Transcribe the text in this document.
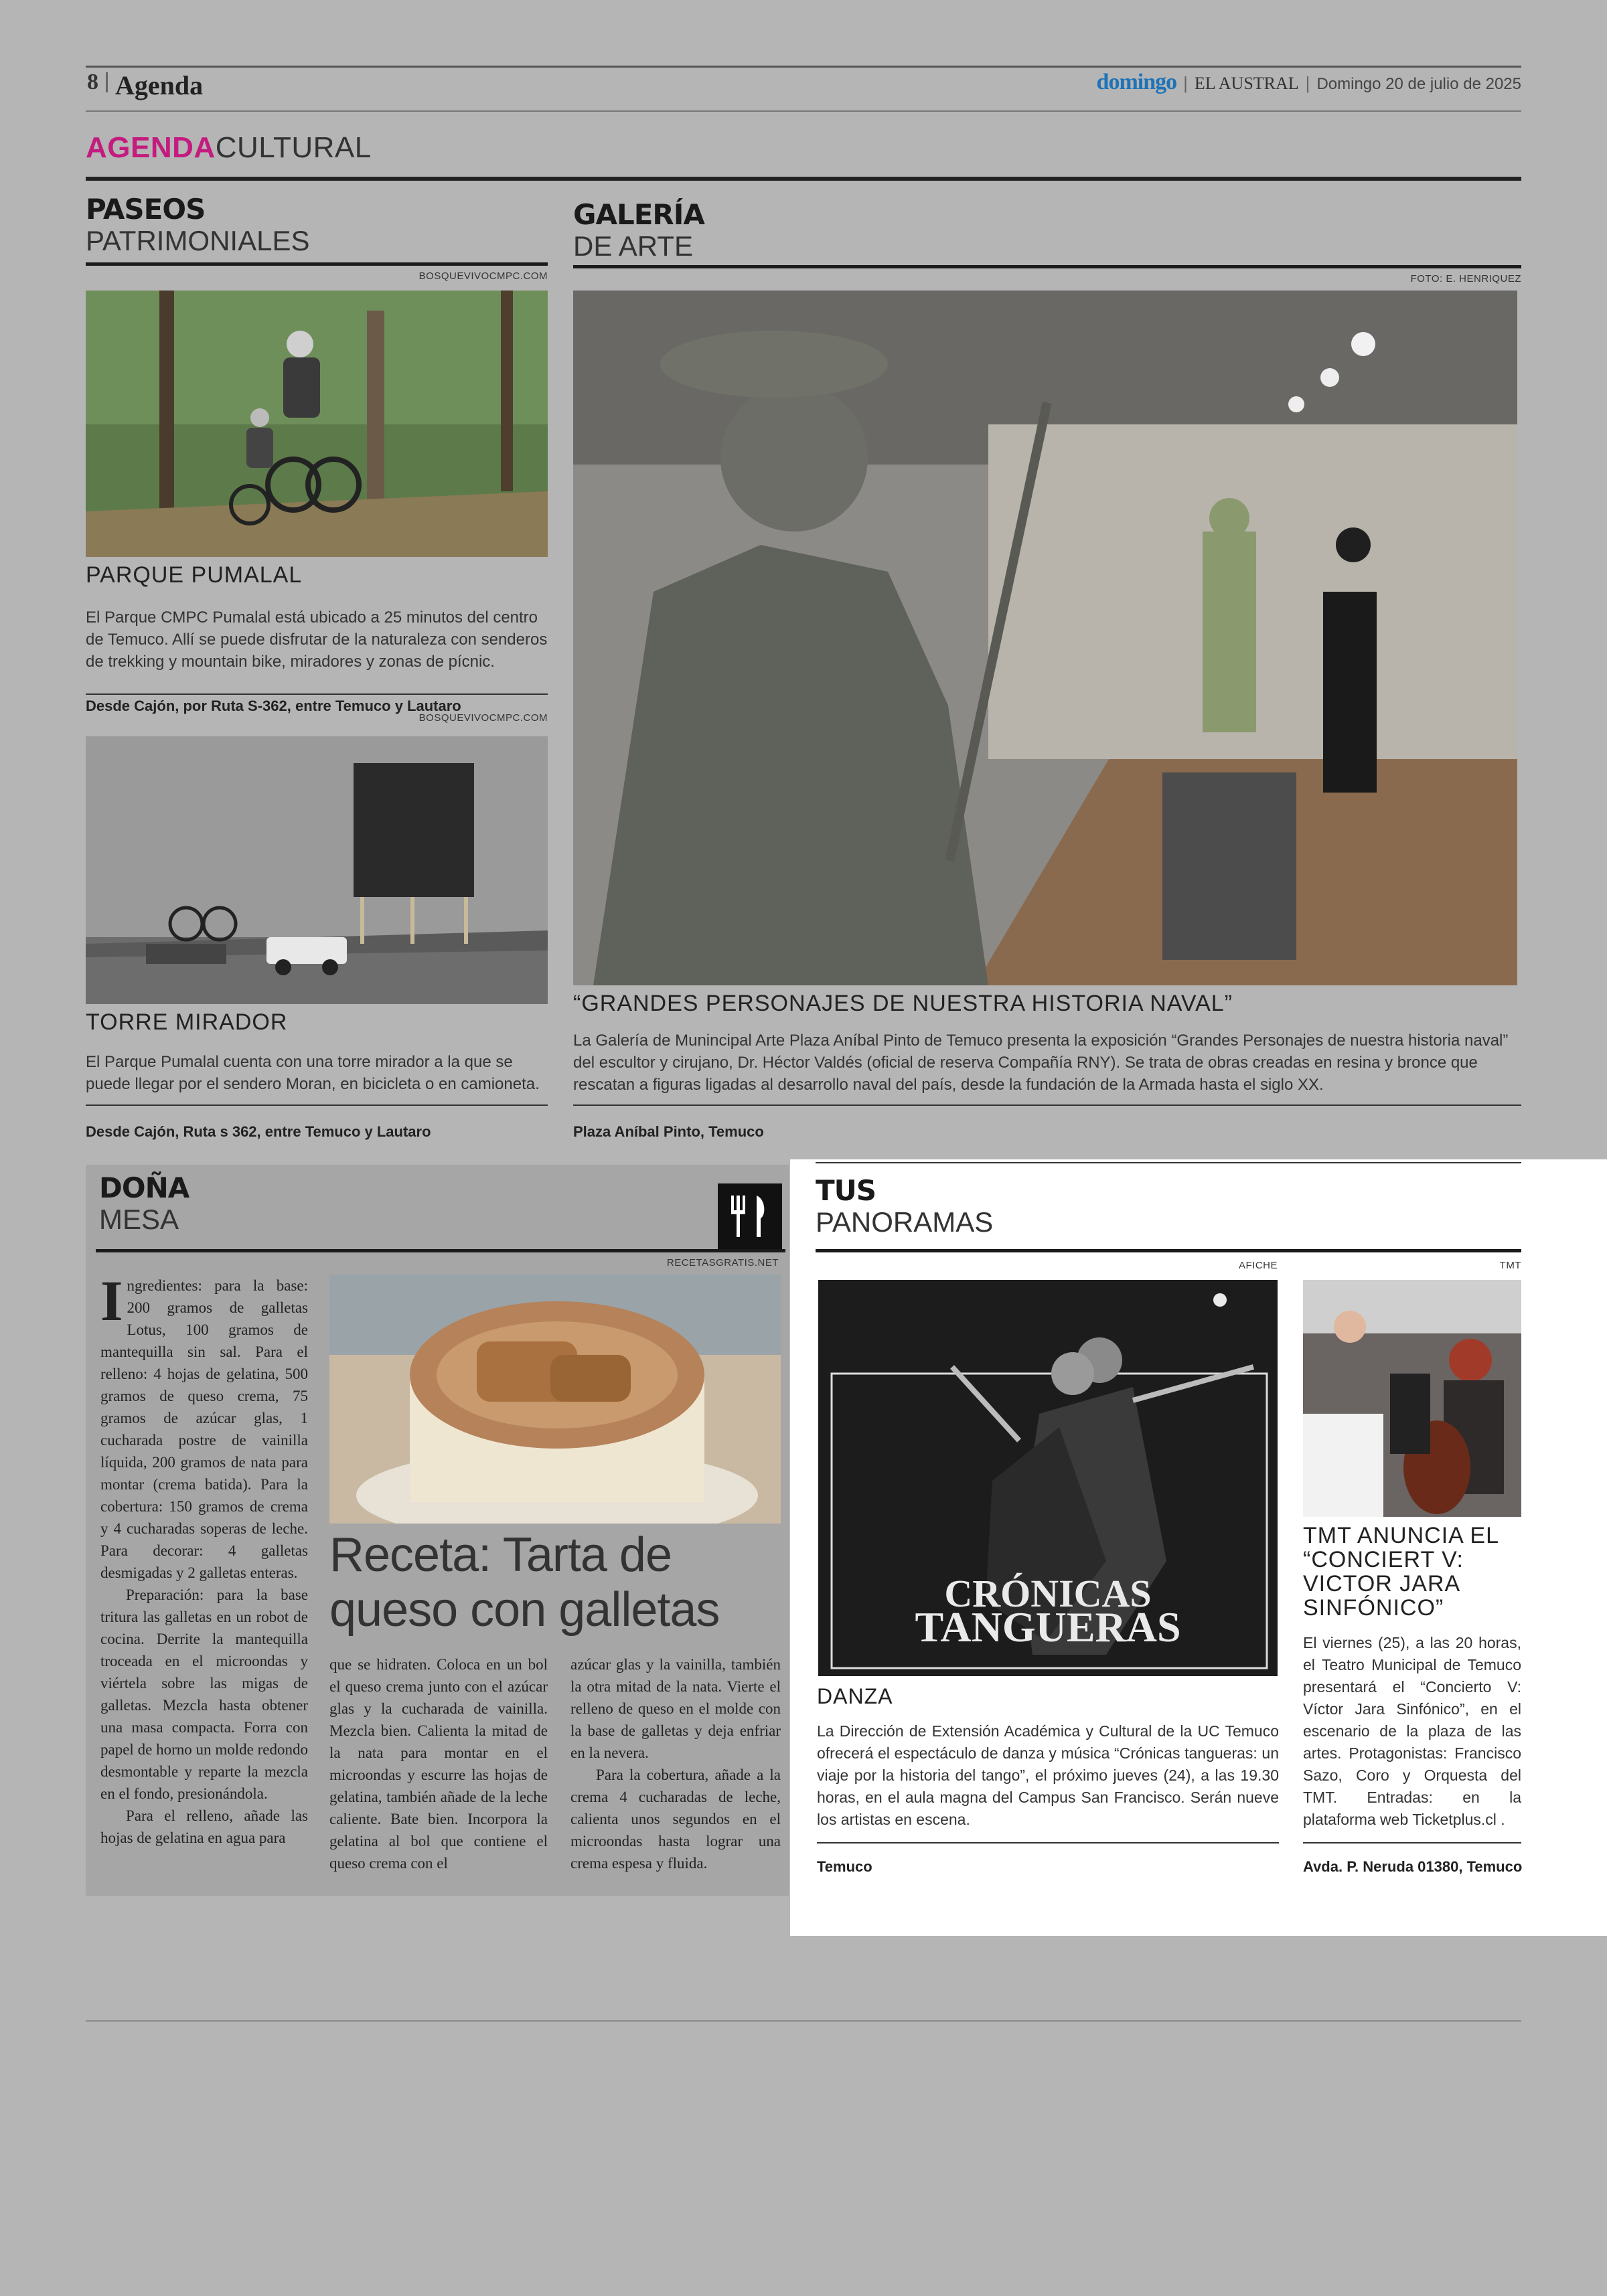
8 Agenda	domingo | EL AUSTRAL | Domingo 20 de julio de 2025
AGENDACULTURAL
PASEOS
PATRIMONIALES
BOSQUEVIVOCMPC.COM
PARQUE PUMALAL
El Parque CMPC Pumalal está ubicado a 25 minutos del centro de Temuco. Allí se puede disfrutar de la naturaleza con senderos de trekking y mountain bike, miradores y zonas de pícnic.
Desde Cajón, por Ruta S-362, entre Temuco y Lautaro
BOSQUEVIVOCMPC.COM
TORRE MIRADOR
El Parque Pumalal cuenta con una torre mirador a la que se puede llegar por el sendero Moran, en bicicleta o en camioneta.
Desde Cajón, Ruta s 362, entre Temuco y Lautaro
GALERÍA
DE ARTE
FOTO: E. HENRIQUEZ
“GRANDES PERSONAJES DE NUESTRA HISTORIA NAVAL”
La Galería de Munincipal Arte Plaza Aníbal Pinto de Temuco presenta la exposición “Grandes Personajes de nuestra historia naval” del escultor y cirujano, Dr. Héctor Valdés (oficial de reserva Compañía RNY). Se trata de obras creadas en resina y bronce que rescatan a figuras ligadas al desarrollo naval del país, desde la fundación de la Armada hasta el siglo XX.
Plaza Aníbal Pinto, Temuco
DOÑA
MESA
RECETASGRATIS.NET

Ingredientes: para la base: 200 gramos de galletas Lotus, 100 gramos de mantequilla sin sal. Para el relleno: 4 hojas de gelatina, 500 gramos de queso crema, 75 gramos de azúcar glas, 1 cucharada postre de vainilla líquida, 200 gramos de nata para montar (crema batida). Para la cobertura: 150 gramos de crema y 4 cucharadas soperas de leche. Para decorar: 4 galletas desmigadas y 2 galletas enteras.

Preparación: para la base tritura las galletas en un robot de cocina. Derrite la mantequilla troceada en el microondas y viértela sobre las migas de galletas. Mezcla hasta obtener una masa compacta. Forra con papel de horno un molde redondo desmontable y reparte la mezcla en el fondo, presionándola.

Para el relleno, añade las hojas de gelatina en agua para

Receta: Tarta de queso con galletas

que se hidraten. Coloca en un bol el queso crema junto con el azúcar glas y la cucharada de vainilla. Mezcla bien. Calienta la mitad de la nata para montar en el microondas y escurre las hojas de gelatina, también añade de la leche caliente. Bate bien. Incorpora la gelatina al bol que contiene el queso crema con el

azúcar glas y la vainilla, también la otra mitad de la nata. Vierte el relleno de queso en el molde con la base de galletas y deja enfriar en la nevera.

Para la cobertura, añade a la crema 4 cucharadas de leche, calienta unos segundos en el microondas hasta lograr una crema espesa y fluida.

TUS
PANORAMAS
AFICHE	TMT
CRÓNICAS
TANGUERAS
DANZA
La Dirección de Extensión Académica y Cultural de la UC Temuco ofrecerá el espectáculo de danza y música “Crónicas tangueras: un viaje por la historia del tango”, el próximo jueves (24), a las 19.30 horas, en el aula magna del Campus San Francisco. Serán nueve los artistas en escena.
Temuco
TMT ANUNCIA EL “CONCIERT V: VICTOR JARA SINFÓNICO”
El viernes (25), a las 20 horas, el Teatro Municipal de Temuco presentará el “Concierto V: Víctor Jara Sinfónico”, en el escenario de la plaza de las artes. Protagonistas: Francisco Sazo, Coro y Orquesta del TMT. Entradas: en la plataforma web Ticketplus.cl .
Avda. P. Neruda 01380, Temuco
